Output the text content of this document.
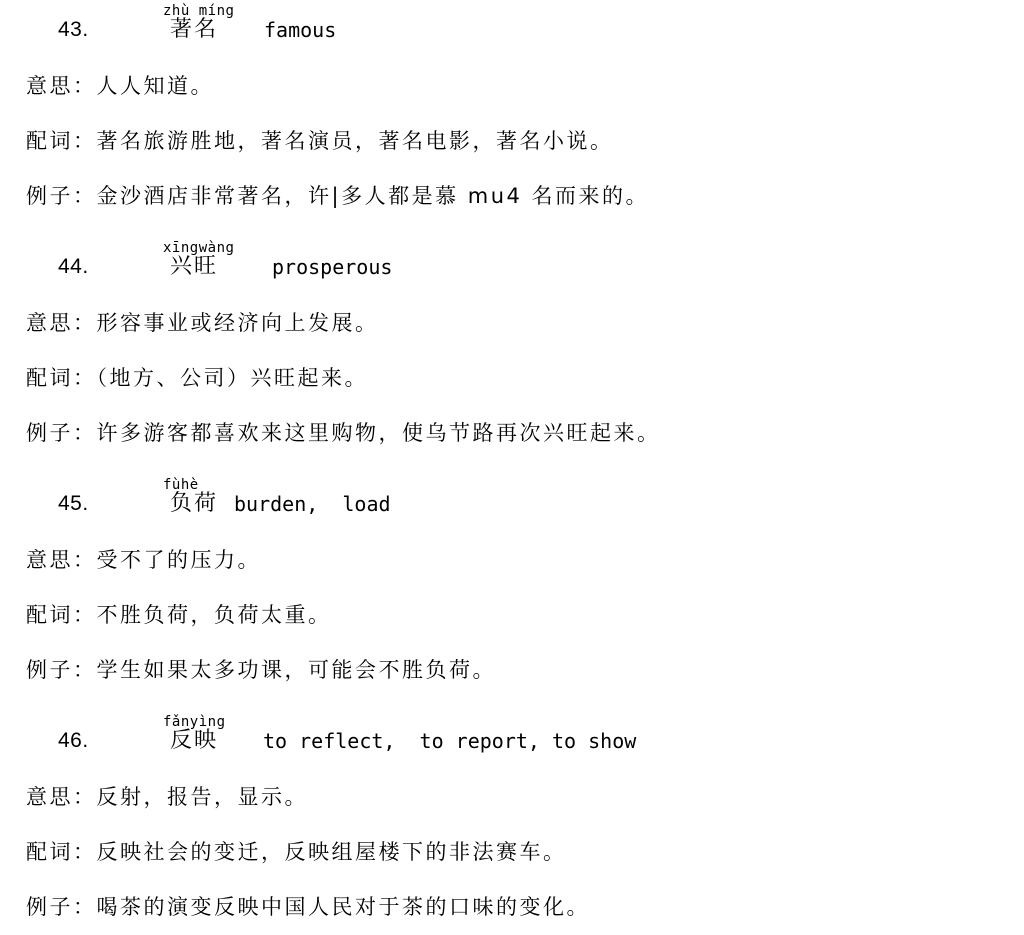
zhù míng
43.	著名 famous
意思：人人知道。
配词：著名旅游胜地，著名演员，著名电影，著名小说。
例子：金沙酒店非常著名，许|多人都是慕 mu4 名而来的。
xīngwàng
44.	兴旺	prosperous
意思：形容事业或经济向上发展。
配词：（地方、公司）兴旺起来。
例子：许多游客都喜欢来这里购物，使乌节路再次兴旺起来。
fùhè
45.	负荷 burden,  load
意思：受不了的压力。
配词：不胜负荷，负荷太重。
例子：学生如果太多功课，可能会不胜负荷。
fǎnyìng
46.	反映 to reflect,  to report, to show
意思：反射，报告，显示。
配词：反映社会的变迁，反映组屋楼下的非法赛车。
例子：喝茶的演变反映中国人民对于茶的口味的变化。
